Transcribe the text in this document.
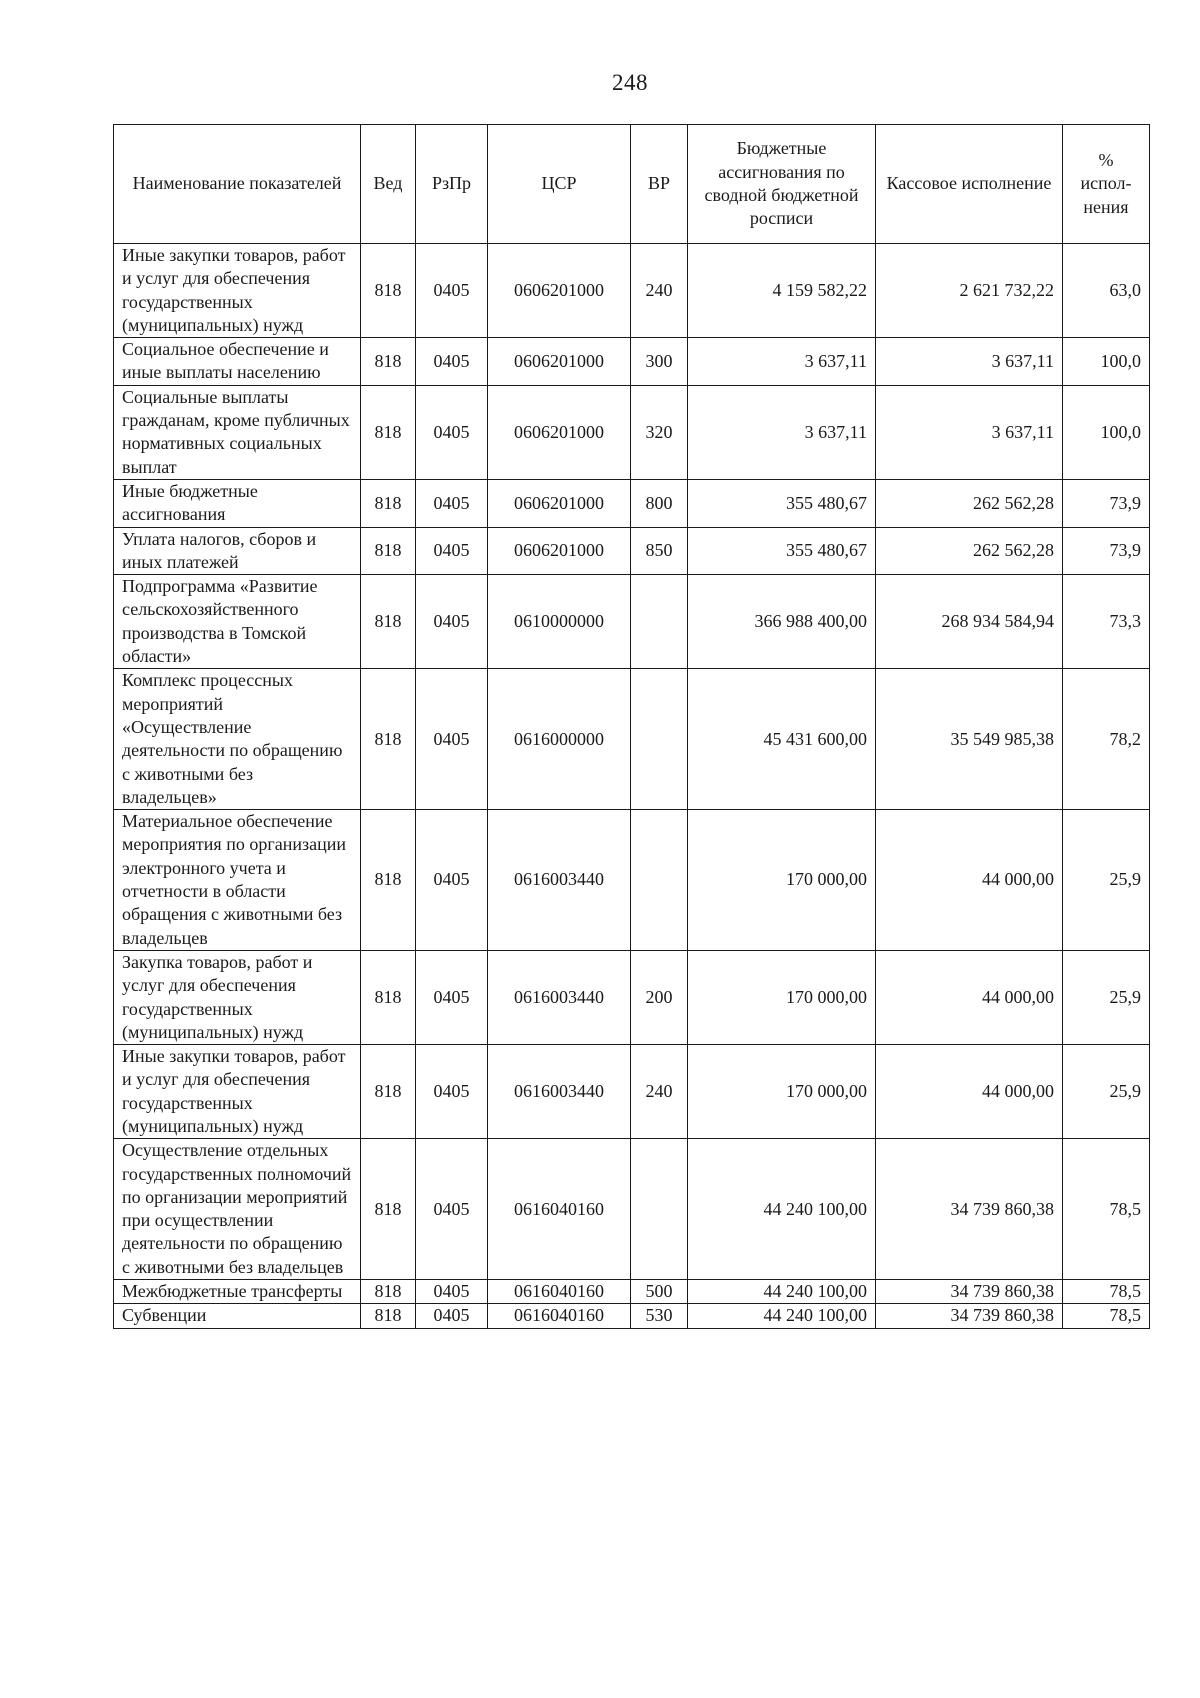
248
Наименование показателей	Вед	РзПр	ЦСР	ВР	Бюджетные ассигнования по сводной бюджетной росписи	Кассовое исполнение	% испол-нения
Иные закупки товаров, работ и услуг для обеспечения государственных (муниципальных) нужд	818	0405	0606201000	240	4 159 582,22	2 621 732,22	63,0
Социальное обеспечение и иные выплаты населению	818	0405	0606201000	300	3 637,11	3 637,11	100,0
Социальные выплаты гражданам, кроме публичных нормативных социальных выплат	818	0405	0606201000	320	3 637,11	3 637,11	100,0
Иные бюджетные ассигнования	818	0405	0606201000	800	355 480,67	262 562,28	73,9
Уплата налогов, сборов и иных платежей	818	0405	0606201000	850	355 480,67	262 562,28	73,9
Подпрограмма «Развитие сельскохозяйственного производства в Томской области»	818	0405	0610000000		366 988 400,00	268 934 584,94	73,3
Комплекс процессных мероприятий «Осуществление деятельности по обращению с животными без владельцев»	818	0405	0616000000		45 431 600,00	35 549 985,38	78,2
Материальное обеспечение мероприятия по организации электронного учета и отчетности в области обращения с животными без владельцев	818	0405	0616003440		170 000,00	44 000,00	25,9
Закупка товаров, работ и услуг для обеспечения государственных (муниципальных) нужд	818	0405	0616003440	200	170 000,00	44 000,00	25,9
Иные закупки товаров, работ и услуг для обеспечения государственных (муниципальных) нужд	818	0405	0616003440	240	170 000,00	44 000,00	25,9
Осуществление отдельных государственных полномочий по организации мероприятий при осуществлении деятельности по обращению с животными без владельцев	818	0405	0616040160		44 240 100,00	34 739 860,38	78,5
Межбюджетные трансферты	818	0405	0616040160	500	44 240 100,00	34 739 860,38	78,5
Субвенции	818	0405	0616040160	530	44 240 100,00	34 739 860,38	78,5
